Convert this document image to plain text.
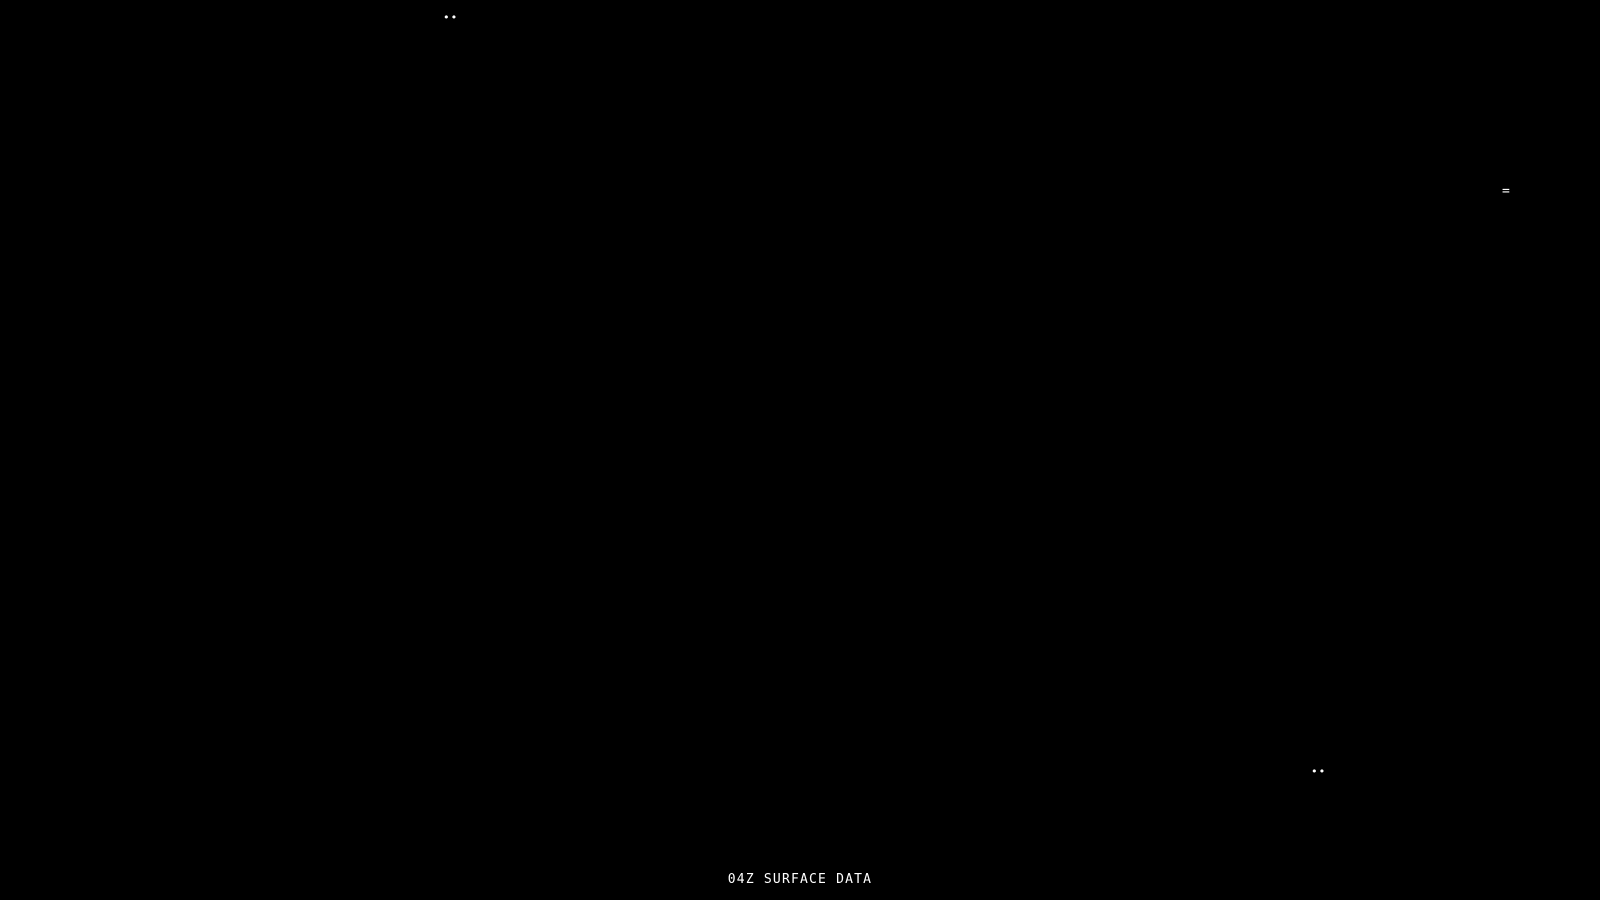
••
=
••
04Z SURFACE DATA
